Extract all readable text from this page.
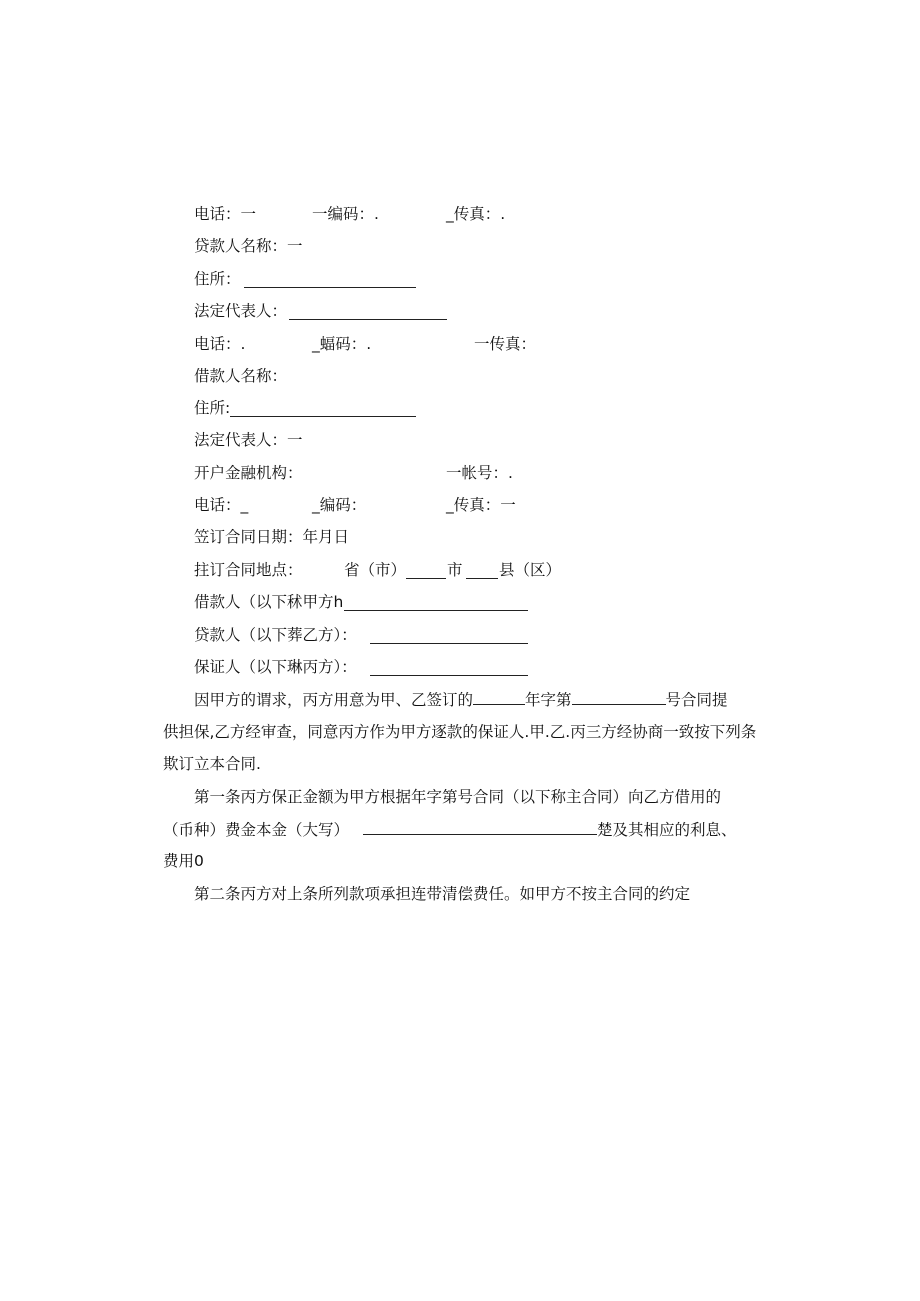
电话：一	一编码：.	_传真：.
贷款人名称：一
住所：
法定代表人：
电话：.	_蝠码：.	一传真：
借款人名称：
住所:
法定代表人：一
开户金融机构：	一帐号：.
电话：_	_编码：	_传真：一
笠订合同日期：年月日
拄订合同地点：	省（市）	市 县（区）
借款人（以下秫甲方h
贷款人（以下葬乙方）：
保证人（以下琳丙方）：
因甲方的谓求，丙方用意为甲、乙签订的	年字第	号合同提
供担保,乙方经审查，同意丙方作为甲方逐款的保证人.甲.乙.丙三方经协商一致按下列条
欺订立本合同.
第一条丙方保正金额为甲方根据年字第号合同（以下称主合同）向乙方借用的
（币种）费金本金（大写）	楚及其相应的利息、
费用0
第二条丙方对上条所列款项承担连带清偿费任。如甲方不按主合同的约定
